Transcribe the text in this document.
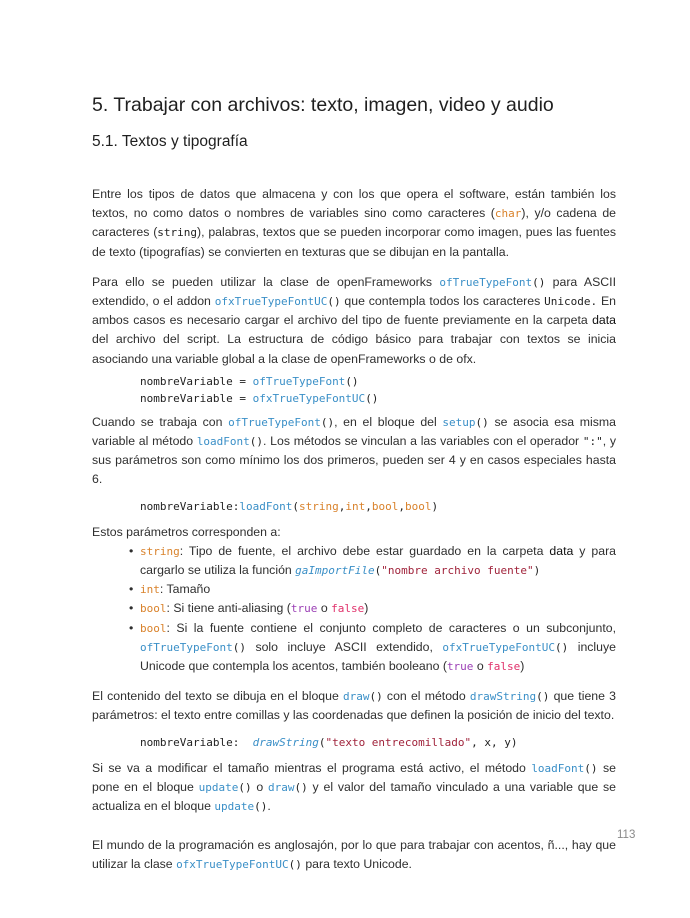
5. Trabajar con archivos: texto, imagen, video y audio
5.1. Textos y tipografía

Entre los tipos de datos que almacena y con los que opera el software, están también los textos, no como datos o nombres de variables sino como caracteres (char), y/o cadena de caracteres (string), palabras, textos que se pueden incorporar como imagen, pues las fuentes de texto (tipografías) se convierten en texturas que se dibujan en la pantalla.

Para ello se pueden utilizar la clase de openFrameworks ofTrueTypeFont() para ASCII extendido, o el addon ofxTrueTypeFontUC() que contempla todos los caracteres Unicode. En ambos casos es necesario cargar el archivo del tipo de fuente previamente en la carpeta data del archivo del script. La estructura de código básico para trabajar con textos se inicia asociando una variable global a la clase de openFrameworks o de ofx.

nombreVariable = ofTrueTypeFont()
nombreVariable = ofxTrueTypeFontUC()

Cuando se trabaja con ofTrueTypeFont(), en el bloque del setup() se asocia esa misma variable al método loadFont(). Los métodos se vinculan a las variables con el operador ":", y sus parámetros son como mínimo los dos primeros, pueden ser 4 y en casos especiales hasta 6.

nombreVariable:loadFont(string,int,bool,bool)

Estos parámetros corresponden a:

• string: Tipo de fuente, el archivo debe estar guardado en la carpeta data y para cargarlo se utiliza la función gaImportFile("nombre archivo fuente")
• int: Tamaño
• bool: Si tiene anti-aliasing (true o false)
• bool: Si la fuente contiene el conjunto completo de caracteres o un subconjunto, ofTrueTypeFont() solo incluye ASCII extendido, ofxTrueTypeFontUC() incluye Unicode que contempla los acentos, también booleano (true o false)

El contenido del texto se dibuja en el bloque draw() con el método drawString() que tiene 3 parámetros: el texto entre comillas y las coordenadas que definen la posición de inicio del texto.

nombreVariable:  drawString("texto entrecomillado", x, y)

Si se va a modificar el tamaño mientras el programa está activo, el método loadFont() se pone en el bloque update() o draw() y el valor del tamaño vinculado a una variable que se actualiza en el bloque update().

El mundo de la programación es anglosajón, por lo que para trabajar con acentos, ñ..., hay que utilizar la clase ofxTrueTypeFontUC() para texto Unicode.

113
